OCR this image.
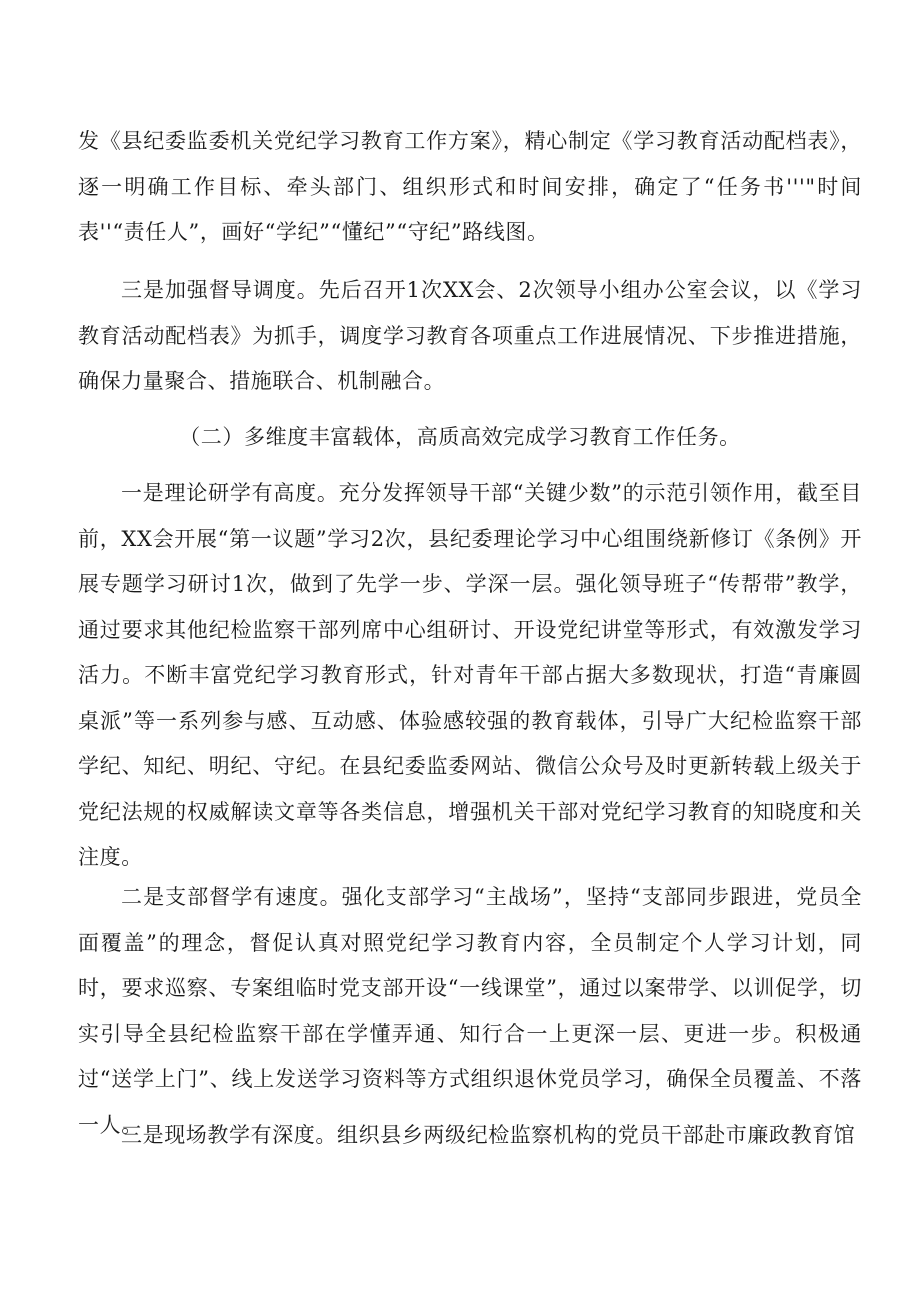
发《县纪委监委机关党纪学习教育工作方案》，精心制定《学习教育活动配档表》，逐一明确工作目标、牵头部门、组织形式和时间安排，确定了“任务书'''"时间表''“责任人”，画好“学纪”“懂纪”“守纪”路线图。

三是加强督导调度。先后召开1次XX会、2次领导小组办公室会议，以《学习教育活动配档表》为抓手，调度学习教育各项重点工作进展情况、下步推进措施，确保力量聚合、措施联合、机制融合。

（二）多维度丰富载体，高质高效完成学习教育工作任务。

一是理论研学有高度。充分发挥领导干部“关键少数”的示范引领作用，截至目前，XX会开展“第一议题”学习2次，县纪委理论学习中心组围绕新修订《条例》开展专题学习研讨1次，做到了先学一步、学深一层。强化领导班子“传帮带”教学，通过要求其他纪检监察干部列席中心组研讨、开设党纪讲堂等形式，有效激发学习活力。不断丰富党纪学习教育形式，针对青年干部占据大多数现状，打造“青廉圆桌派”等一系列参与感、互动感、体验感较强的教育载体，引导广大纪检监察干部学纪、知纪、明纪、守纪。在县纪委监委网站、微信公众号及时更新转载上级关于党纪法规的权威解读文章等各类信息，增强机关干部对党纪学习教育的知晓度和关注度。

二是支部督学有速度。强化支部学习“主战场”，坚持“支部同步跟进，党员全面覆盖”的理念，督促认真对照党纪学习教育内容，全员制定个人学习计划，同时，要求巡察、专案组临时党支部开设“一线课堂”，通过以案带学、以训促学，切实引导全县纪检监察干部在学懂弄通、知行合一上更深一层、更进一步。积极通过“送学上门”、线上发送学习资料等方式组织退休党员学习，确保全员覆盖、不落一人。

三是现场教学有深度。组织县乡两级纪检监察机构的党员干部赴市廉政教育馆
